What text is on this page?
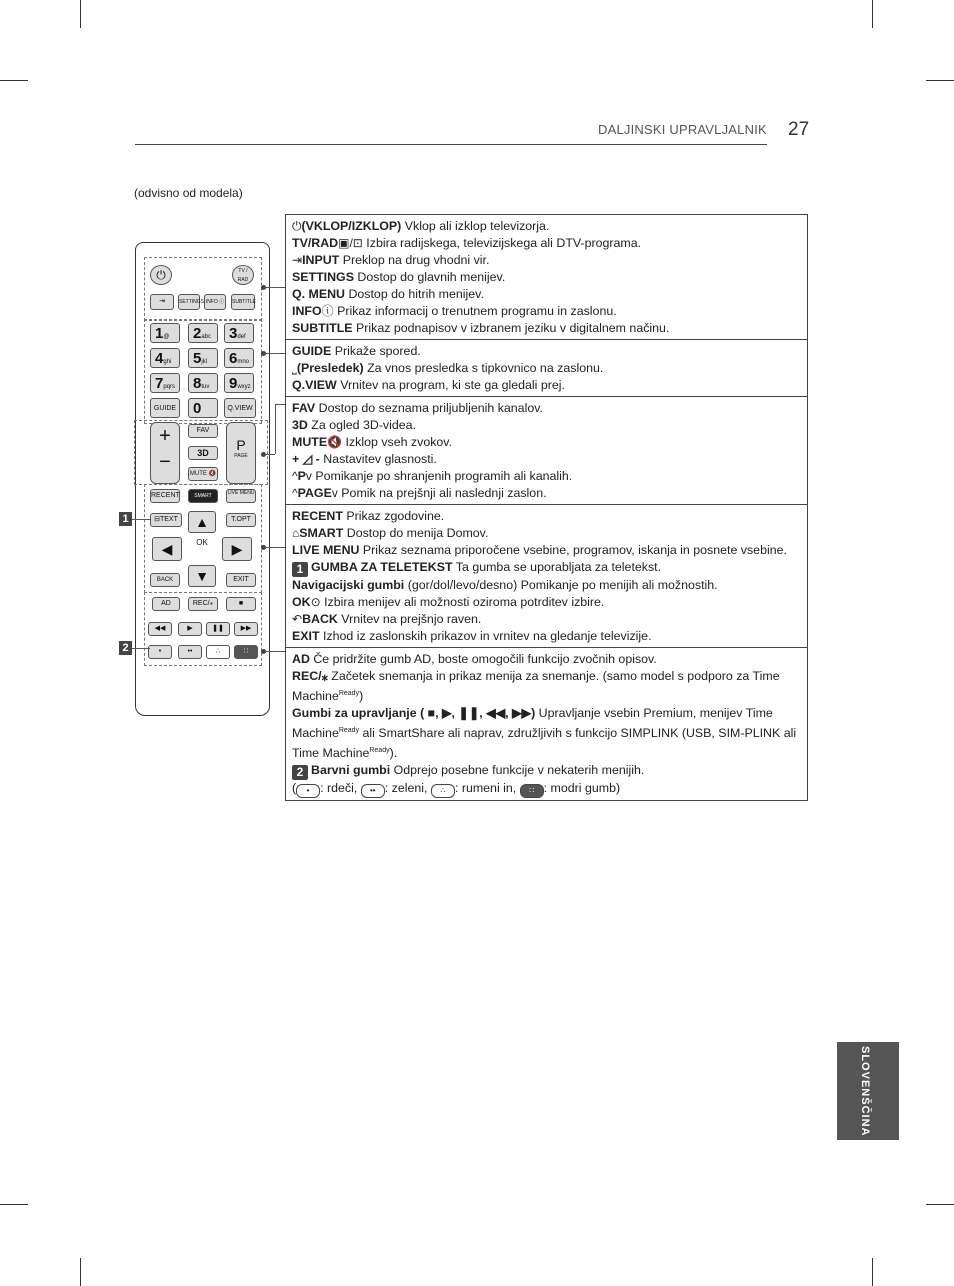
DALJINSKI UPRAVLJALNIK 27
(odvisno od modela)
⏻	TV / RAD
⇥	SETTINGS INFO ⓘ	SUBTITLE
GUIDE	0	Q.VIEW
+
−
FAV
3D
MUTE 🔇
P
PAGE
RECENT	SMART	LIVE MENU
⊟TEXT	T.OPT
▲
◀	OK	▶
▼
BACK	EXIT
AD	REC/⁎	■
◀◀	▶	❚❚	▶▶
•	••	∴	∷
1@	2abc	3def
4ghi	5jkl	6mno
7pqrs	8tuv	9wxyz
1
2
⏻(VKLOP/IZKLOP) Vklop ali izklop televizorja.
TV/RAD▣/⊡ Izbira radijskega, televizijskega ali DTV-programa.
⇥INPUT Preklop na drug vhodni vir.
SETTINGS Dostop do glavnih menijev.
Q. MENU Dostop do hitrih menijev.
INFOⓘ Prikaz informacij o trenutnem programu in zaslonu.
SUBTITLE Prikaz podnapisov v izbranem jeziku v digitalnem načinu.
GUIDE Prikaže spored.
⎵(Presledek) Za vnos presledka s tipkovnico na zaslonu.
Q.VIEW Vrnitev na program, ki ste ga gledali prej.
FAV Dostop do seznama priljubljenih kanalov.
3D Za ogled 3D-videa.
MUTE🔇 Izklop vseh zvokov.
+ ◿ - Nastavitev glasnosti.
^Pv Pomikanje po shranjenih programih ali kanalih.
^PAGEv Pomik na prejšnji ali naslednji zaslon.
RECENT Prikaz zgodovine.
⌂SMART Dostop do menija Domov.
LIVE MENU Prikaz seznama priporočene vsebine, programov, iskanja in posnete vsebine.
1 GUMBA ZA TELETEKST Ta gumba se uporabljata za teletekst.
Navigacijski gumbi (gor/dol/levo/desno) Pomikanje po menijih ali možnostih.
OK⊙ Izbira menijev ali možnosti oziroma potrditev izbire.
↶BACK Vrnitev na prejšnjo raven.
EXIT Izhod iz zaslonskih prikazov in vrnitev na gledanje televizije.
AD Če pridržite gumb AD, boste omogočili funkcijo zvočnih opisov.
REC/⁎ Začetek snemanja in prikaz menija za snemanje. (samo model s podporo za Time Machine$^{Ready}$)
Gumbi za upravljanje ( ■, ▶, ❚❚, ◀◀, ▶▶) Upravljanje vsebin Premium, menijev Time Machine$^{Ready}$ ali SmartShare ali naprav, združljivih s funkcijo SIMPLINK (USB, SIM-PLINK ali Time Machine$^{Ready}$).
2 Barvni gumbi Odprejo posebne funkcije v nekaterih menijih.
( • : rdeči, •• : zeleni, ∴ : rumeni in, ∷ : modri gumb)
SLOVENŠČINA
